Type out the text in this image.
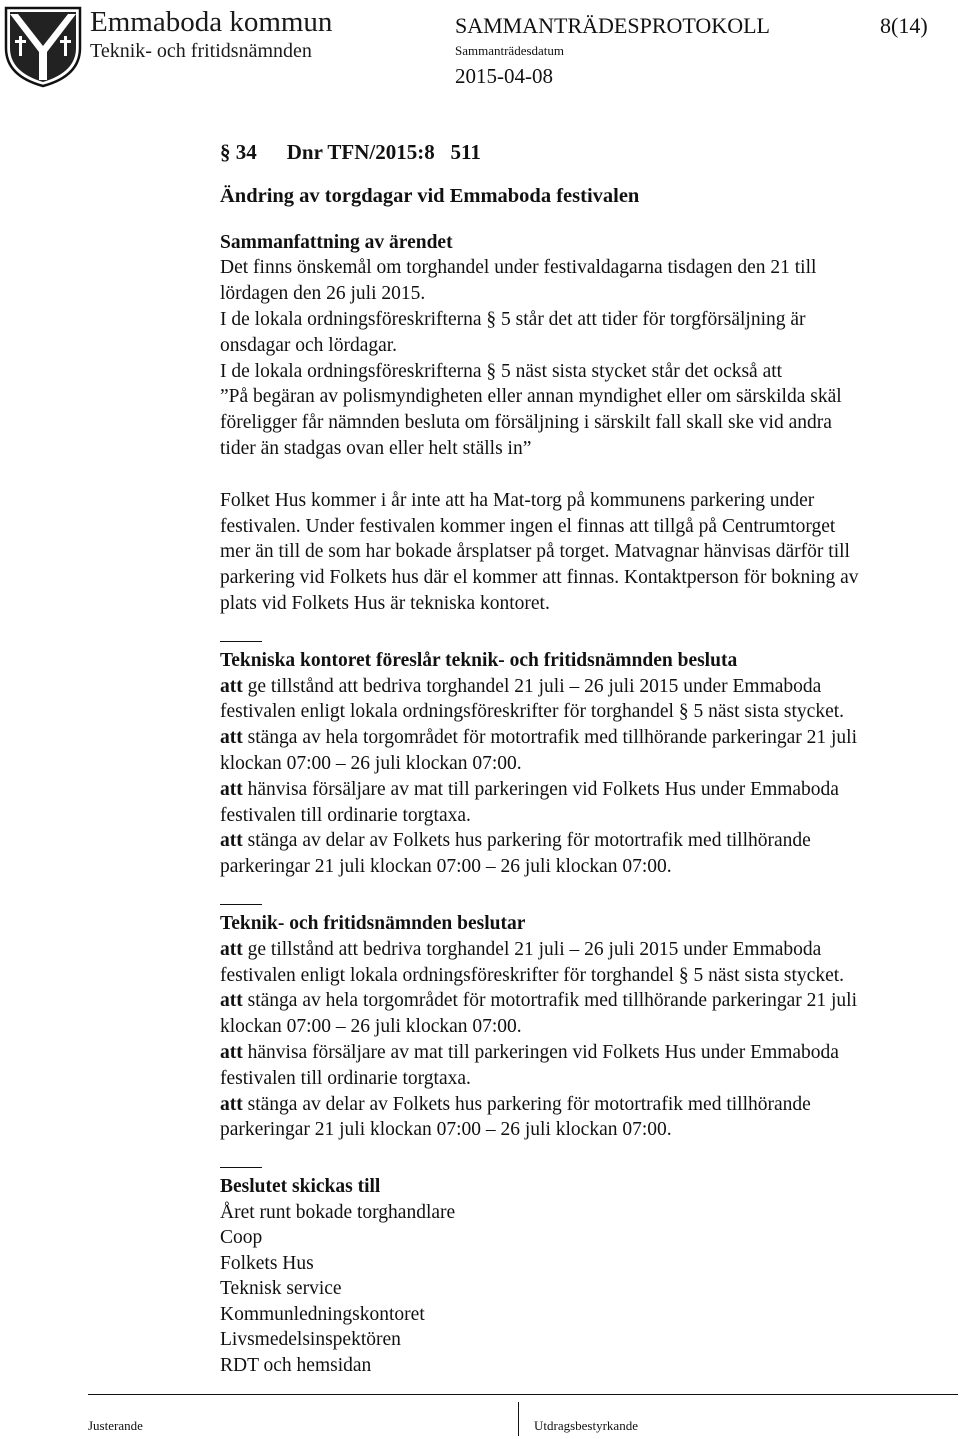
Emmaboda kommun
Teknik- och fritidsnämnden
SAMMANTRÄDESPROTOKOLL	8(14)
Sammanträdesdatum
2015-04-08

§ 34 Dnr TFN/2015:8   511

Ändring av torgdagar vid Emmaboda festivalen

Sammanfattning av ärendet

Det finns önskemål om torghandel under festivaldagarna tisdagen den 21 till

lördagen den 26 juli 2015.

I de lokala ordningsföreskrifterna § 5 står det att tider för torgförsäljning är

onsdagar och lördagar.

I de lokala ordningsföreskrifterna § 5 näst sista stycket står det också att

”På begäran av polismyndigheten eller annan myndighet eller om särskilda skäl

föreligger får nämnden besluta om försäljning i särskilt fall skall ske vid andra

tider än stadgas ovan eller helt ställs in”

Folket Hus kommer i år inte att ha Mat-torg på kommunens parkering under

festivalen. Under festivalen kommer ingen el finnas att tillgå på Centrumtorget

mer än till de som har bokade årsplatser på torget. Matvagnar hänvisas därför till

parkering vid Folkets hus där el kommer att finnas. Kontaktperson för bokning av

plats vid Folkets Hus är tekniska kontoret.

Tekniska kontoret föreslår teknik- och fritidsnämnden besluta

att ge tillstånd att bedriva torghandel 21 juli – 26 juli 2015 under Emmaboda

festivalen enligt lokala ordningsföreskrifter för torghandel § 5 näst sista stycket.

att stänga av hela torgområdet för motortrafik med tillhörande parkeringar 21 juli

klockan 07:00 – 26 juli klockan 07:00.

att hänvisa försäljare av mat till parkeringen vid Folkets Hus under Emmaboda

festivalen till ordinarie torgtaxa.

att stänga av delar av Folkets hus parkering för motortrafik med tillhörande

parkeringar 21 juli klockan 07:00 – 26 juli klockan 07:00.

Teknik- och fritidsnämnden beslutar

att ge tillstånd att bedriva torghandel 21 juli – 26 juli 2015 under Emmaboda

festivalen enligt lokala ordningsföreskrifter för torghandel § 5 näst sista stycket.

att stänga av hela torgområdet för motortrafik med tillhörande parkeringar 21 juli

klockan 07:00 – 26 juli klockan 07:00.

att hänvisa försäljare av mat till parkeringen vid Folkets Hus under Emmaboda

festivalen till ordinarie torgtaxa.

att stänga av delar av Folkets hus parkering för motortrafik med tillhörande

parkeringar 21 juli klockan 07:00 – 26 juli klockan 07:00.

Beslutet skickas till

Året runt bokade torghandlare

Coop

Folkets Hus

Teknisk service

Kommunledningskontoret

Livsmedelsinspektören

RDT och hemsidan

Justerande	Utdragsbestyrkande
